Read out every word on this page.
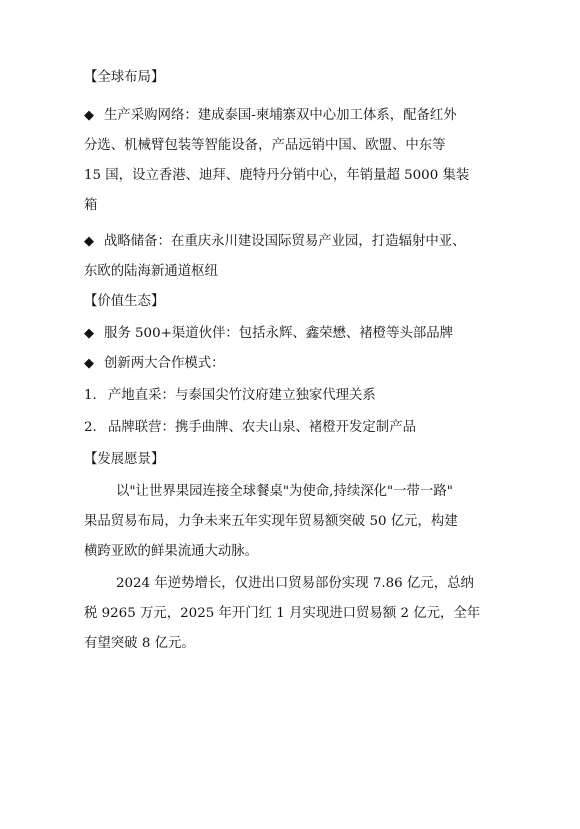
【全球布局】
◆ 生产采购网络：建成泰国-柬埔寨双中心加工体系，配备红外
分选、机械臂包装等智能设备，产品远销中国、欧盟、中东等
15 国，设立香港、迪拜、鹿特丹分销中心，年销量超 5000 集装
箱
◆ 战略储备：在重庆永川建设国际贸易产业园，打造辐射中亚、
东欧的陆海新通道枢纽
【价值生态】
◆ 服务 500+渠道伙伴：包括永辉、鑫荣懋、褚橙等头部品牌
◆ 创新两大合作模式：
1. 产地直采：与泰国尖竹汶府建立独家代理关系
2. 品牌联营：携手曲牌、农夫山泉、褚橙开发定制产品
【发展愿景】
以"让世界果园连接全球餐桌"为使命,持续深化"一带一路"
果品贸易布局，力争未来五年实现年贸易额突破 50 亿元，构建
横跨亚欧的鲜果流通大动脉。
2024 年逆势增长，仅进出口贸易部份实现 7.86 亿元，总纳
税 9265 万元，2025 年开门红 1 月实现进口贸易额 2 亿元，全年
有望突破 8 亿元。
